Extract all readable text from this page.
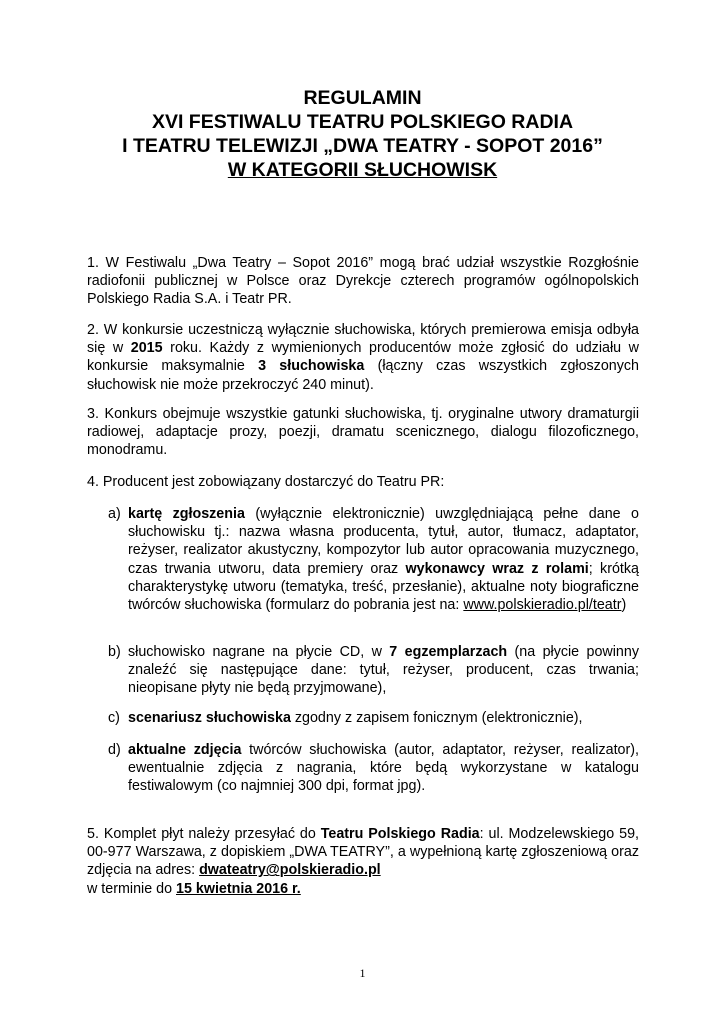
REGULAMIN
XVI FESTIWALU TEATRU POLSKIEGO RADIA
I TEATRU TELEWIZJI „DWA TEATRY - SOPOT 2016”
W KATEGORII SŁUCHOWISK

1. W Festiwalu „Dwa Teatry – Sopot 2016” mogą brać udział wszystkie Rozgłośnie radiofonii publicznej w Polsce oraz Dyrekcje czterech programów ogólnopolskich Polskiego Radia S.A. i Teatr PR.

2. W konkursie uczestniczą wyłącznie słuchowiska, których premierowa emisja odbyła się w 2015 roku. Każdy z wymienionych producentów może zgłosić do udziału w konkursie maksymalnie 3 słuchowiska (łączny czas wszystkich zgłoszonych słuchowisk nie może przekroczyć 240 minut).

3. Konkurs obejmuje wszystkie gatunki słuchowiska, tj. oryginalne utwory dramaturgii radiowej, adaptacje prozy, poezji, dramatu scenicznego, dialogu filozoficznego, monodramu.

4. Producent jest zobowiązany dostarczyć do Teatru PR:

a) kartę zgłoszenia (wyłącznie elektronicznie) uwzględniającą pełne dane o słuchowisku tj.: nazwa własna producenta, tytuł, autor, tłumacz, adaptator, reżyser, realizator akustyczny, kompozytor lub autor opracowania muzycznego, czas trwania utworu, data premiery oraz wykonawcy wraz z rolami; krótką charakterystykę utworu (tematyka, treść, przesłanie), aktualne noty biograficzne twórców słuchowiska (formularz do pobrania jest na: www.polskieradio.pl/teatr)
b) słuchowisko nagrane na płycie CD, w 7 egzemplarzach (na płycie powinny znaleźć się następujące dane: tytuł, reżyser, producent, czas trwania; nieopisane płyty nie będą przyjmowane),
c) scenariusz słuchowiska zgodny z zapisem fonicznym (elektronicznie),
d) aktualne zdjęcia twórców słuchowiska (autor, adaptator, reżyser, realizator), ewentualnie zdjęcia z nagrania, które będą wykorzystane w katalogu festiwalowym (co najmniej 300 dpi, format jpg).

5. Komplet płyt należy przesyłać do Teatru Polskiego Radia: ul. Modzelewskiego 59, 00-977 Warszawa, z dopiskiem „DWA TEATRY”, a wypełnioną kartę zgłoszeniową oraz zdjęcia na adres: dwateatry@polskieradio.pl

w terminie do 15 kwietnia 2016 r.

1
